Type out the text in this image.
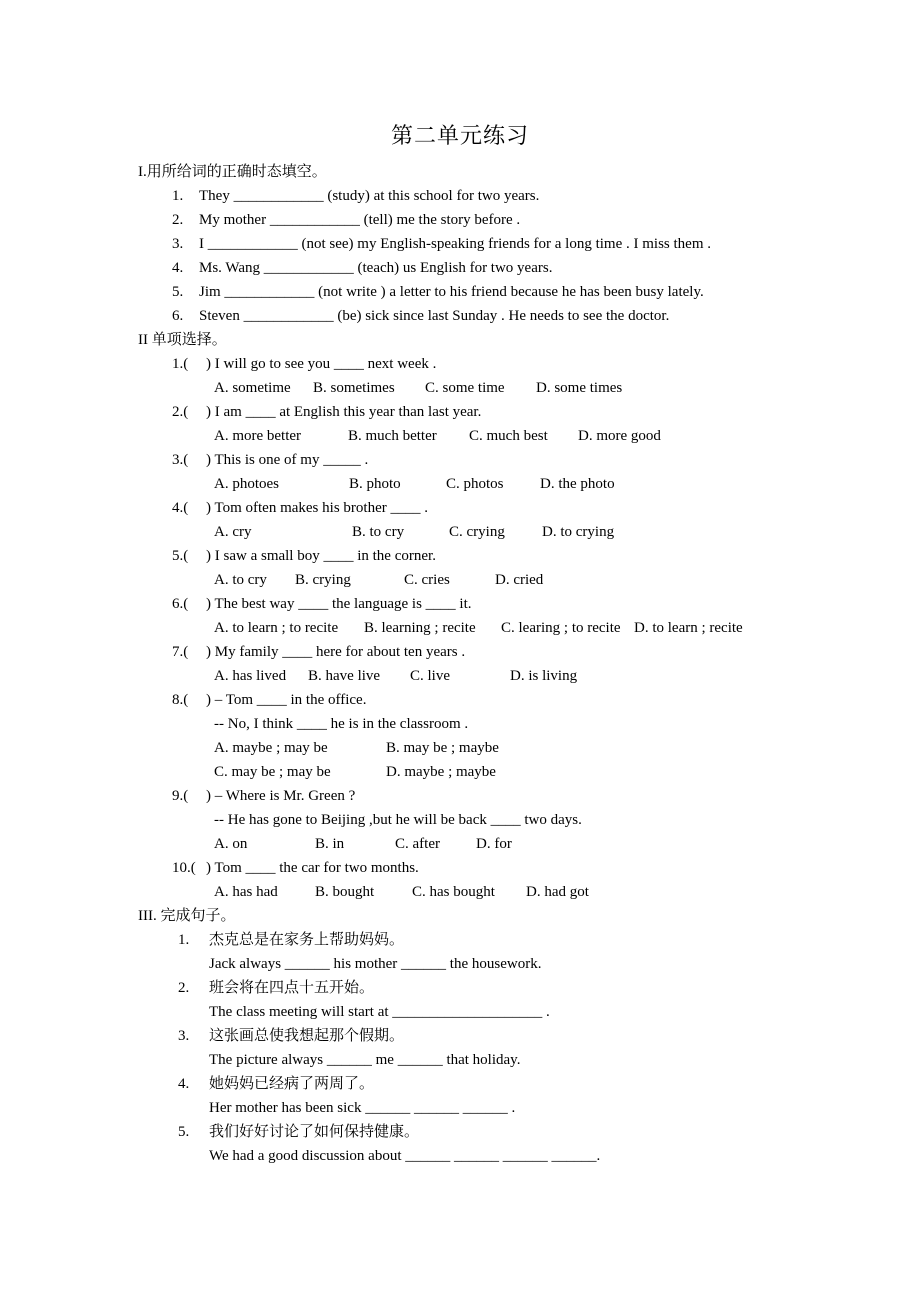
第二单元练习
I.用所给词的正确时态填空。
1. They ____________ (study) at this school for two years.
2. My mother ____________ (tell) me the story before .
3. I ____________ (not see) my English-speaking friends for a long time . I miss them .
4. Ms. Wang ____________ (teach) us English for two years.
5. Jim ____________ (not write ) a letter to his friend because he has been busy lately.
6. Steven ____________ (be) sick since last Sunday . He needs to see the doctor.
II 单项选择。
1.( ) I will go to see you ____ next week .
A. sometime B. sometimes C. some time D. some times
2.( ) I am ____ at English this year than last year.
A. more better	B. much better C. much best D. more good
3.( ) This is one of my _____ .
A. photoes	B. photo	C. photos D. the photo
4.( ) Tom often makes his brother ____ .
A. cry	B. to cry	C. crying D. to crying
5.( ) I saw a small boy ____ in the corner.
A. to cry B. crying	C. cries	D. cried
6.( ) The best way ____ the language is ____ it.
A. to learn ; to recite B. learning ; recite C. learing ; to recite D. to learn ; recite
7.( ) My family ____ here for about ten years .
A. has lived B. have live C. live	D. is living
8.( ) – Tom ____ in the office.
-- No, I think ____ he is in the classroom .
A. maybe ; may be	B. may be ; maybe
C. may be ; may be	D. maybe ; maybe
9.( ) – Where is Mr. Green ?
-- He has gone to Beijing ,but he will be back ____ two days.
A. on	B. in	C. after D. for
10.( ) Tom ____ the car for two months.
A. has had B. bought	C. has bought D. had got
III. 完成句子。
1. 杰克总是在家务上帮助妈妈。
Jack always ______ his mother ______ the housework.
2. 班会将在四点十五开始。
The class meeting will start at ____________________ .
3. 这张画总使我想起那个假期。
The picture always ______ me ______ that holiday.
4. 她妈妈已经病了两周了。
Her mother has been sick ______ ______ ______ .
5. 我们好好讨论了如何保持健康。
We had a good discussion about ______ ______ ______ ______.
